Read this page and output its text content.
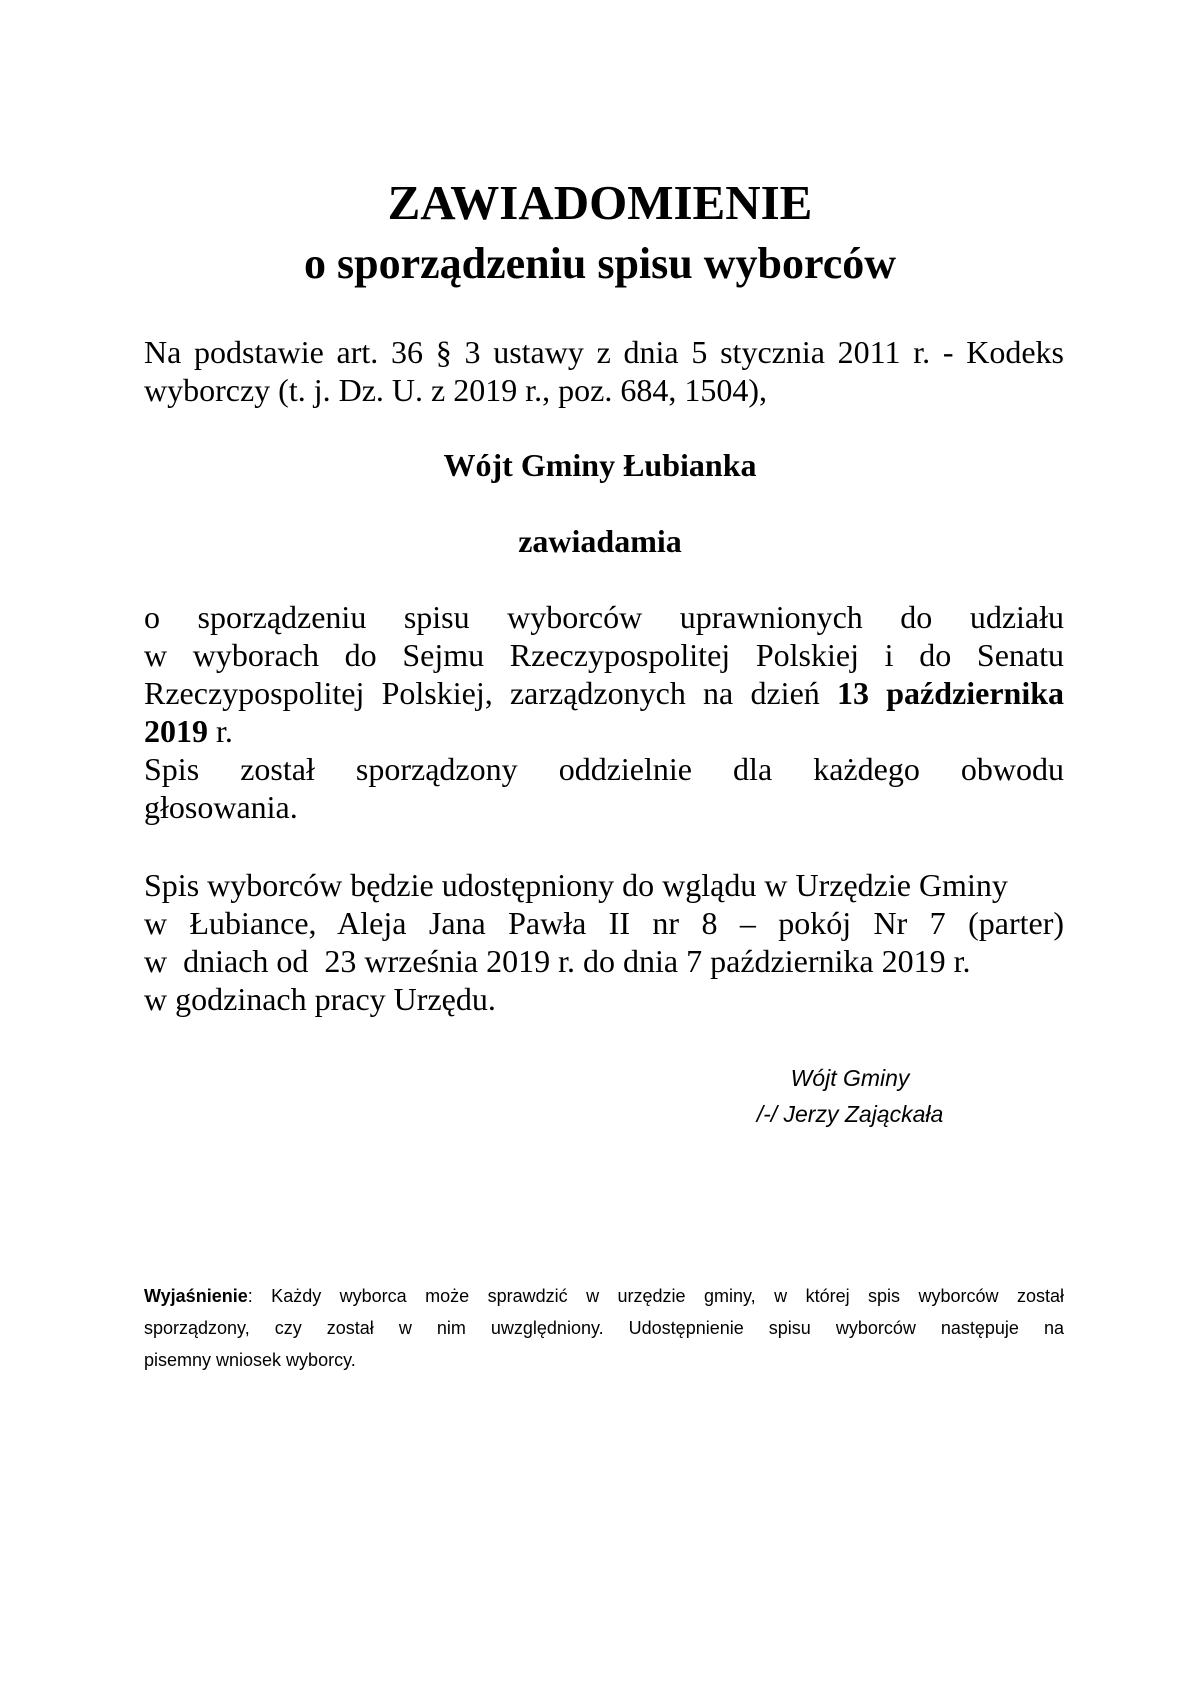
ZAWIADOMIENIE
o sporządzeniu spisu wyborców
Na podstawie art. 36 § 3 ustawy z dnia 5 stycznia 2011 r. - Kodeks
wyborczy (t. j. Dz. U. z 2019 r., poz. 684, 1504),
Wójt Gminy Łubianka
zawiadamia
o sporządzeniu spisu wyborców uprawnionych do udziału
w wyborach do Sejmu Rzeczypospolitej Polskiej i do Senatu
Rzeczypospolitej Polskiej, zarządzonych na dzień 13 października
2019 r.
Spis został sporządzony oddzielnie dla każdego obwodu
głosowania.
Spis wyborców będzie udostępniony do wglądu w Urzędzie Gminy
w Łubiance, Aleja Jana Pawła II nr 8 – pokój Nr 7 (parter)
w  dniach od  23 września 2019 r. do dnia 7 października 2019 r.
w godzinach pracy Urzędu.
Wójt Gminy
/-/ Jerzy Zająckała
Wyjaśnienie: Każdy wyborca może sprawdzić w urzędzie gminy, w której spis wyborców został
sporządzony, czy został w nim uwzględniony. Udostępnienie spisu wyborców następuje na
pisemny wniosek wyborcy.
